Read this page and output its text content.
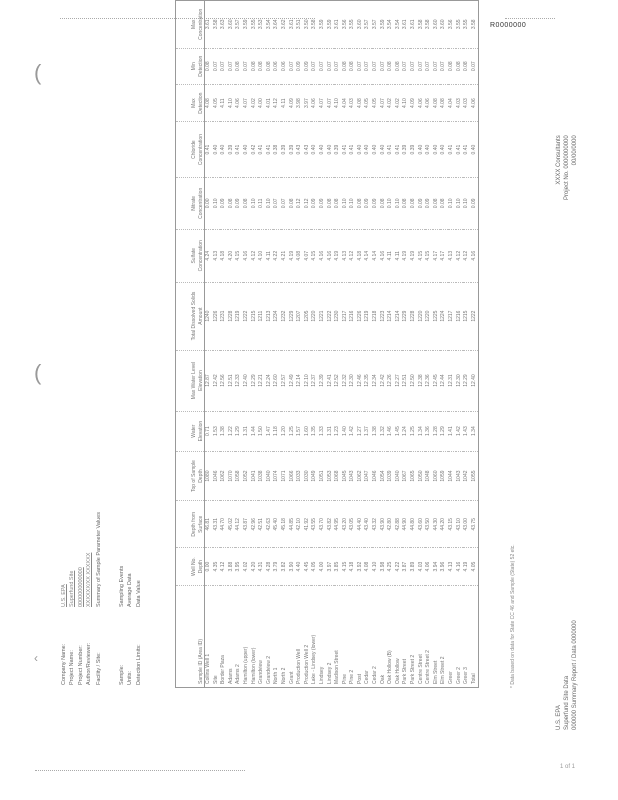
R0000000
1 of 1
(
(
‹	Company Name:
U.S. EPA
Project Name:
Superfund Site
Project Number:
0000000000000
Author/Reviewer:
XXXXXX/XX XXXXXX
Facility / Site:Summary of Sample Parameter Values
Sample:
Sampling Events
Units:
Average Data
Detection Limits:
Data Value
Sample ID (Area ID)	Well No. Depth	Depth from Surface	Top of Sample Depth	Water Elevation	Max Water Level Elevation	Total Dissolved Solids Amount	Sulfate Concentration	Nitrate Concentration	Chloride Concentration	Max Detection	Min Detection	Max Concentration
Collins Well 1	0.00	46.81	1080	0.71	12.87	1240	4.24	0.00	0.41	4.08	0.08	3.61
Site	4.35	43.31	1046	1.53	12.42	1226	4.13	0.10	0.40	4.05	0.07	3.58
Border Plaza	4.12	44.70	1062	1.38	12.56	1231	4.18	0.09	0.40	4.11	0.07	3.63
Adams	3.88	45.02	1070	1.22	12.51	1228	4.20	0.08	0.39	4.10	0.07	3.60
Adams 2	3.95	44.12	1058	1.29	12.33	1219	4.15	0.09	0.41	4.06	0.08	3.57
Hamilton (upper)	4.02	43.87	1052	1.31	12.40	1222	4.16	0.08	0.40	4.07	0.07	3.59
Hamilton (lower)	4.20	42.96	1041	1.44	12.29	1215	4.12	0.10	0.42	4.02	0.08	3.55
Grandview	4.31	42.51	1038	1.50	12.21	1211	4.10	0.11	0.41	4.00	0.08	3.53
Grandview 2	4.28	42.63	1040	1.47	12.24	1213	4.11	0.10	0.41	4.01	0.08	3.54
North 1	3.79	45.40	1074	1.18	12.60	1234	4.22	0.07	0.38	4.12	0.06	3.64
North 2	3.82	45.18	1071	1.20	12.57	1232	4.21	0.07	0.39	4.11	0.06	3.62
Grant	3.90	44.85	1066	1.25	12.49	1229	4.19	0.08	0.39	4.09	0.07	3.61
Production Well	4.40	42.10	1033	1.57	12.14	1207	4.08	0.12	0.43	3.98	0.09	3.51
Production Well 2	4.45	41.92	1030	1.60	12.10	1205	4.07	0.12	0.43	3.97	0.09	3.50
Lake - Lindsey (lower)	4.05	43.55	1049	1.35	12.37	1220	4.15	0.09	0.40	4.06	0.07	3.58
Lindsey	4.00	43.70	1051	1.33	12.39	1221	4.16	0.09	0.40	4.07	0.07	3.59
Lindsey 2	3.97	43.82	1053	1.31	12.41	1222	4.16	0.08	0.40	4.07	0.07	3.59
Madison Street	3.85	44.95	1068	1.23	12.52	1230	4.19	0.08	0.39	4.10	0.07	3.61
Pine	4.15	43.20	1045	1.40	12.32	1217	4.13	0.10	0.41	4.04	0.08	3.56
Pine 2	4.18	43.05	1043	1.42	12.30	1216	4.12	0.10	0.41	4.03	0.08	3.55
Post	3.92	44.40	1062	1.27	12.46	1226	4.18	0.08	0.40	4.08	0.07	3.60
Cedar	4.08	43.40	1047	1.37	12.35	1219	4.14	0.09	0.40	4.05	0.07	3.57
Cedar 2	4.10	43.32	1046	1.38	12.34	1218	4.14	0.09	0.40	4.05	0.07	3.57
Oak	3.98	43.90	1054	1.32	12.42	1223	4.16	0.08	0.40	4.07	0.07	3.59
Oak Hollow (B)	4.25	42.80	1039	1.46	12.26	1214	4.11	0.10	0.41	4.02	0.08	3.54
Oak Hollow	4.22	42.88	1040	1.45	12.27	1214	4.11	0.10	0.41	4.02	0.08	3.54
Park Street	3.87	44.90	1067	1.24	12.51	1229	4.19	0.08	0.39	4.10	0.07	3.61
Park Street 2	3.89	44.80	1065	1.25	12.50	1228	4.19	0.08	0.39	4.09	0.07	3.61
Centre Street	4.03	43.60	1050	1.34	12.38	1220	4.15	0.09	0.40	4.06	0.07	3.58
Centre Street 2	4.06	43.50	1048	1.36	12.36	1220	4.15	0.09	0.40	4.06	0.07	3.58
Elm Street	3.94	44.30	1060	1.28	12.45	1225	4.17	0.08	0.40	4.08	0.07	3.60
Elm Street 2	3.96	44.20	1059	1.29	12.44	1224	4.17	0.08	0.40	4.08	0.07	3.60
Greer	4.13	43.15	1044	1.41	12.31	1217	4.13	0.10	0.41	4.04	0.08	3.56
Greer 2	4.16	43.10	1043	1.42	12.30	1216	4.12	0.10	0.41	4.03	0.08	3.55
Greer 3	4.19	43.00	1042	1.43	12.29	1215	4.12	0.10	0.41	4.03	0.08	3.55
Total	4.05	43.75	1055	1.34	12.40	1222	4.16	0.09	0.40	4.06	0.07	3.58
* Data based on data for State CC 46 and Sample (State) 52 etc.
U.S. EPA Superfund Site Data 000000 Summary Report / Data 0000000
XXXX Consultants Project No. 0000000000 00/00/0000
